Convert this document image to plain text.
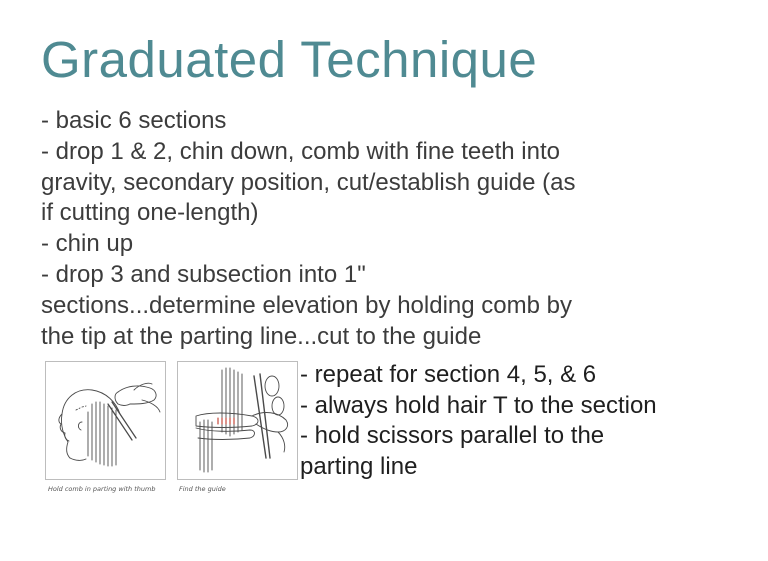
Graduated Technique
- basic 6 sections
- drop 1 & 2, chin down, comb with fine teeth into
gravity, secondary position, cut/establish guide (as
if cutting one-length)
- chin up
- drop 3 and subsection into 1"
sections...determine elevation by holding comb by
the tip at the parting line...cut to the guide
Hold comb in parting with thumb	Find the guide
- repeat for section 4, 5, & 6
- always hold hair T to the section
- hold scissors parallel to the
parting line
